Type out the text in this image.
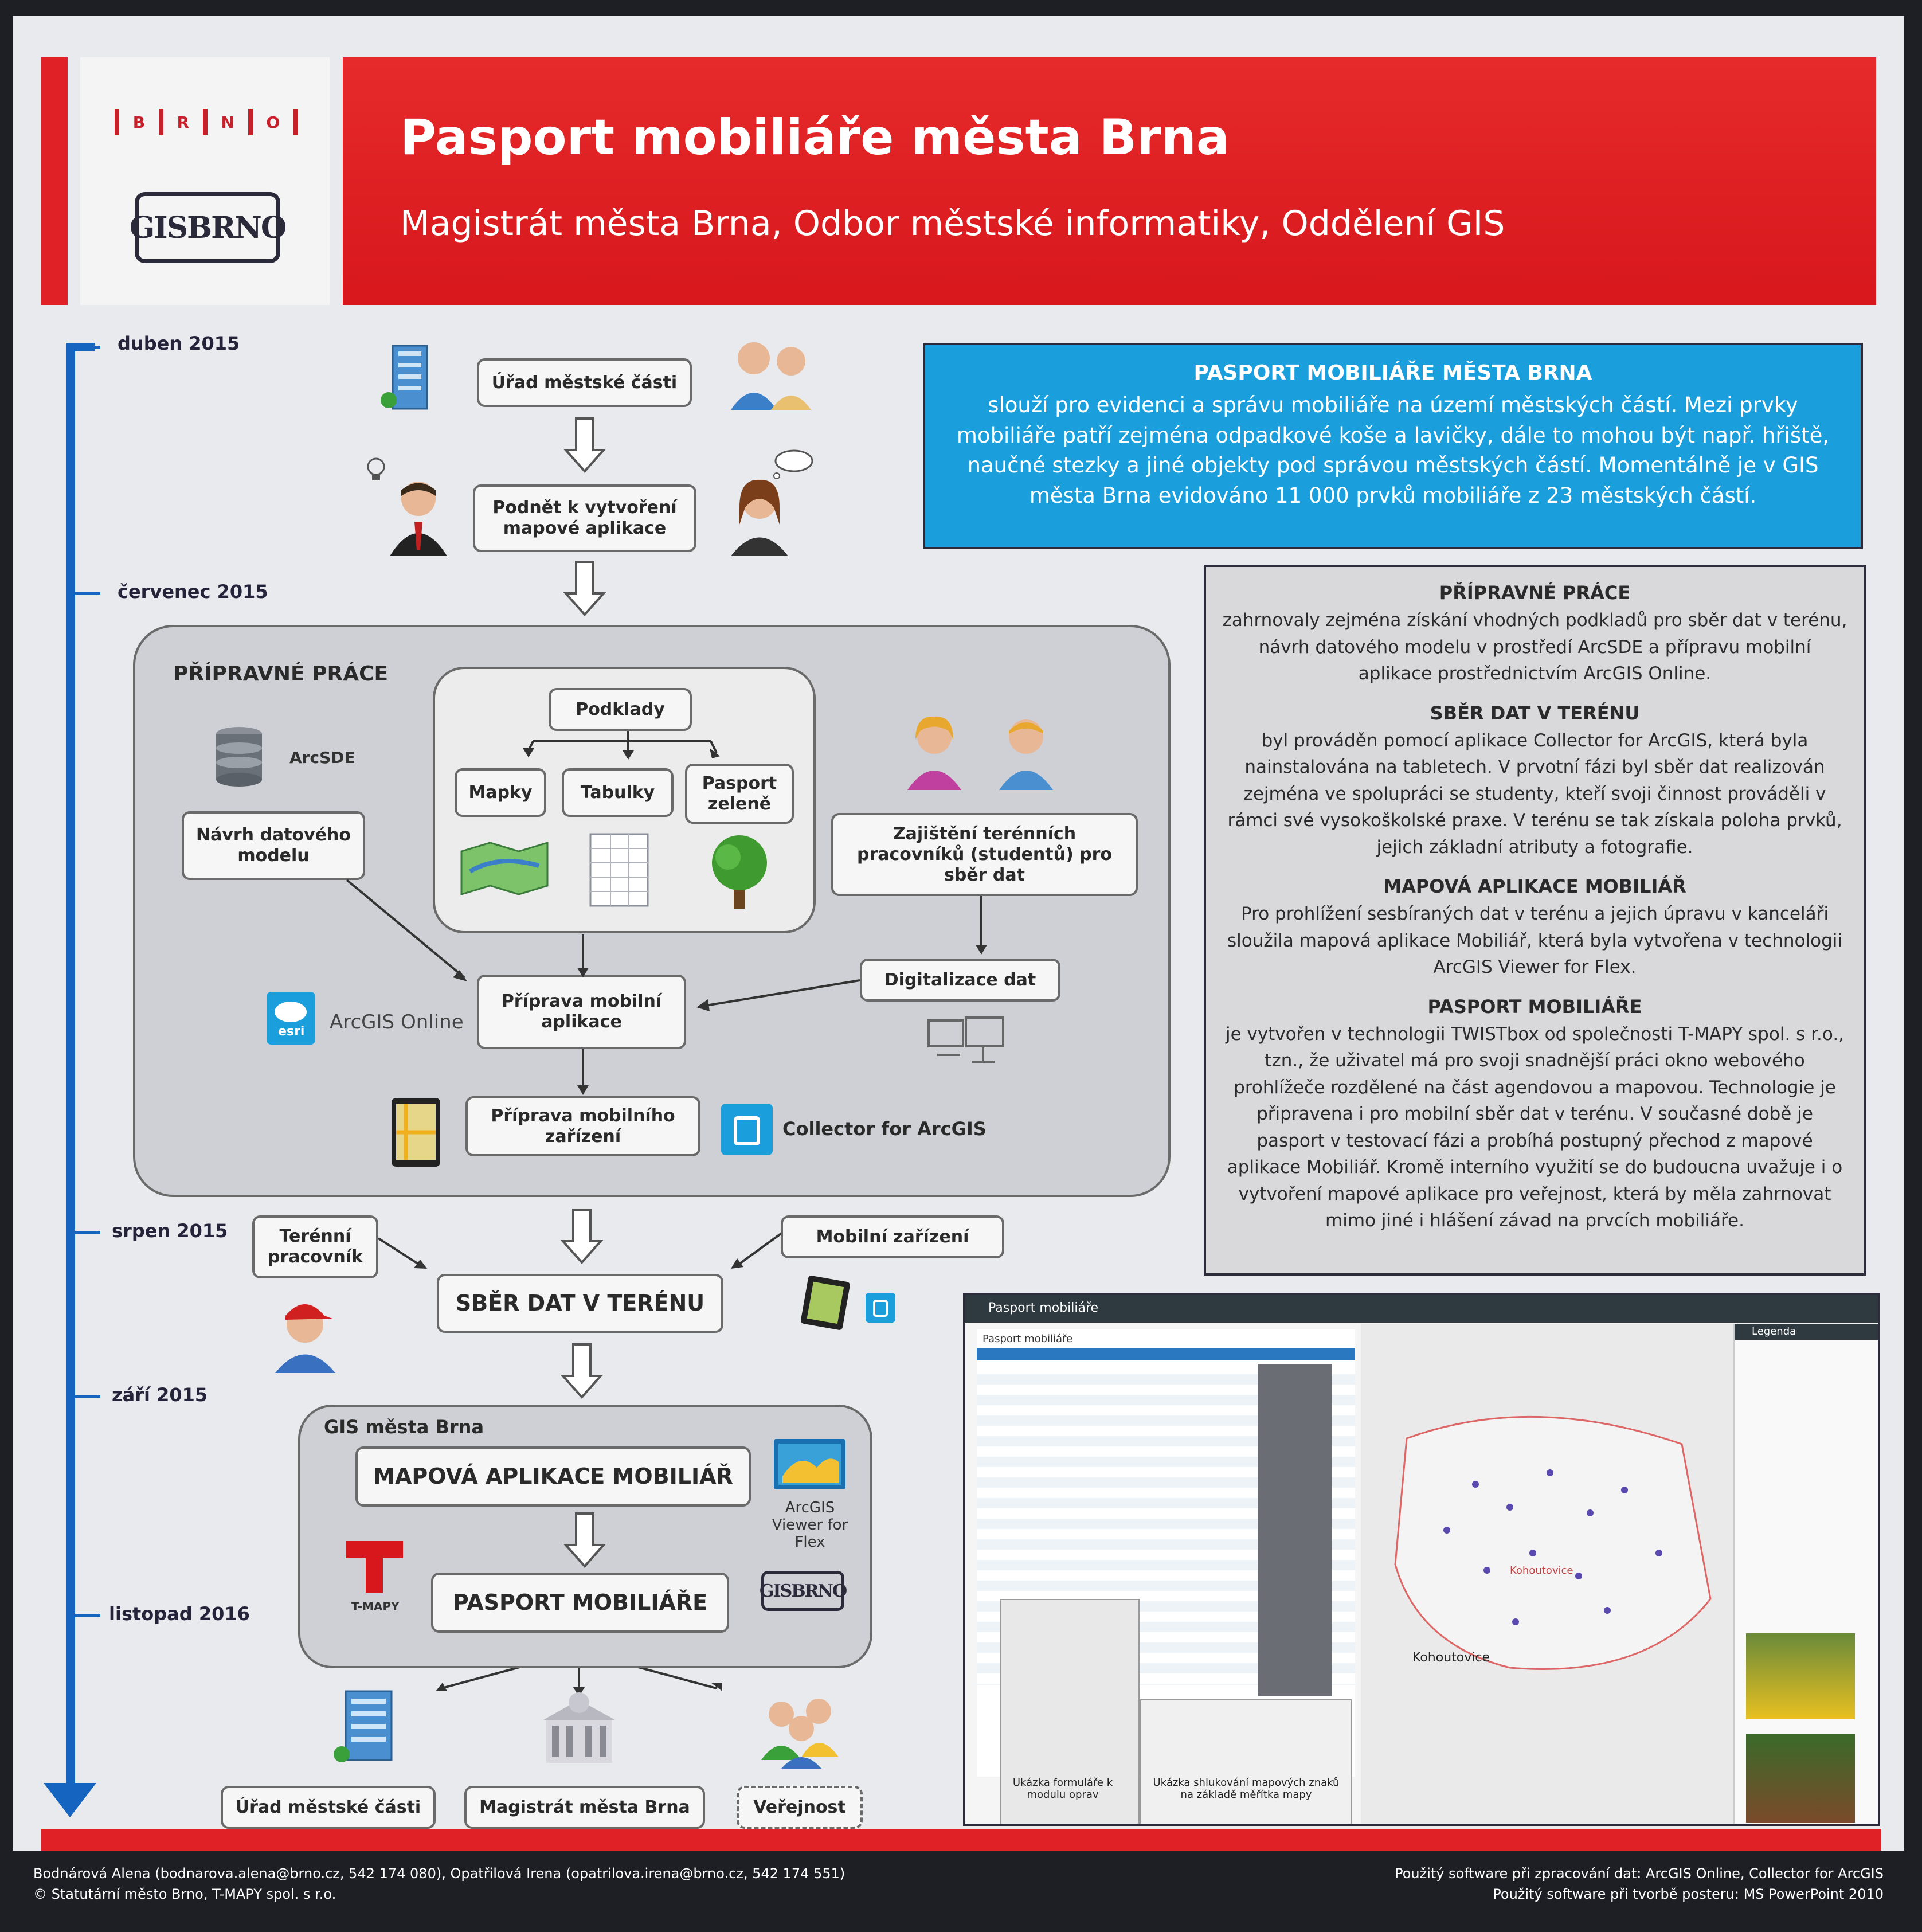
B R N O
GISBRNO
Pasport mobiliáře města Brna
Magistrát města Brna, Odbor městské informatiky, Oddělení GIS
duben 2015
červenec 2015
srpen 2015
září 2015
listopad 2016
Úřad městské části
Podnět k vytvoření mapové aplikace
PŘÍPRAVNÉ PRÁCE
ArcSDE
Návrh datového modelu
Podklady
Mapky	Tabulky	Pasport zeleně
Zajištění terénních pracovníků (studentů) pro sběr dat
Digitalizace dat
esri ArcGIS Online
Příprava mobilní aplikace
Příprava mobilního zařízení	Collector for ArcGIS
Terénní pracovník
Mobilní zařízení
SBĚR DAT V TERÉNU
GIS města Brna
MAPOVÁ APLIKACE MOBILIÁŘ
ArcGIS Viewer for Flex
T-MAPY	PASPORT MOBILIÁŘE	GISBRNO
Úřad městské části	Magistrát města Brna	Veřejnost
PASPORT MOBILIÁŘE MĚSTA BRNA
slouží pro evidenci a správu mobiliáře na území městských částí. Mezi prvky mobiliáře patří zejména odpadkové koše a lavičky, dále to mohou být např. hřiště, naučné stezky a jiné objekty pod správou městských částí. Momentálně je v GIS města Brna evidováno 11 000 prvků mobiliáře z 23 městských částí.
PŘÍPRAVNÉ PRÁCE
zahrnovaly zejména získání vhodných podkladů pro sběr dat v terénu, návrh datového modelu v prostředí ArcSDE a přípravu mobilní aplikace prostřednictvím ArcGIS Online.
SBĚR DAT V TERÉNU
byl prováděn pomocí aplikace Collector for ArcGIS, která byla nainstalována na tabletech. V prvotní fázi byl sběr dat realizován zejména ve spolupráci se studenty, kteří svoji činnost prováděli v rámci své vysokoškolské praxe. V terénu se tak získala poloha prvků, jejich základní atributy a fotografie.
MAPOVÁ APLIKACE MOBILIÁŘ
Pro prohlížení sesbíraných dat v terénu a jejich úpravu v kanceláři sloužila mapová aplikace Mobiliář, která byla vytvořena v technologii ArcGIS Viewer for Flex.
PASPORT MOBILIÁŘE
je vytvořen v technologii TWISTbox od společnosti T-MAPY spol. s r.o., tzn., že uživatel má pro svoji snadnější práci okno webového prohlížeče rozdělené na část agendovou a mapovou. Technologie je připravena i pro mobilní sběr dat v terénu. V současné době je pasport v testovací fázi a probíhá postupný přechod z mapové aplikace Mobiliář. Kromě interního využití se do budoucna uvažuje i o vytvoření mapové aplikace pro veřejnost, která by měla zahrnovat mimo jiné i hlášení závad na prvcích mobiliáře.
Pasport mobiliáře
Pasport mobiliáře
Ukázka formuláře k modulu oprav
Ukázka shlukování mapových znaků na základě měřítka mapy
Kohoutovice
Kohoutovice
Legenda
Bodnárová Alena (bodnarova.alena@brno.cz, 542 174 080), Opatřilová Irena (opatrilova.irena@brno.cz, 542 174 551)
© Statutární město Brno, T-MAPY spol. s r.o.
Použitý software při zpracování dat: ArcGIS Online, Collector for ArcGIS
Použitý software při tvorbě posteru: MS PowerPoint 2010
